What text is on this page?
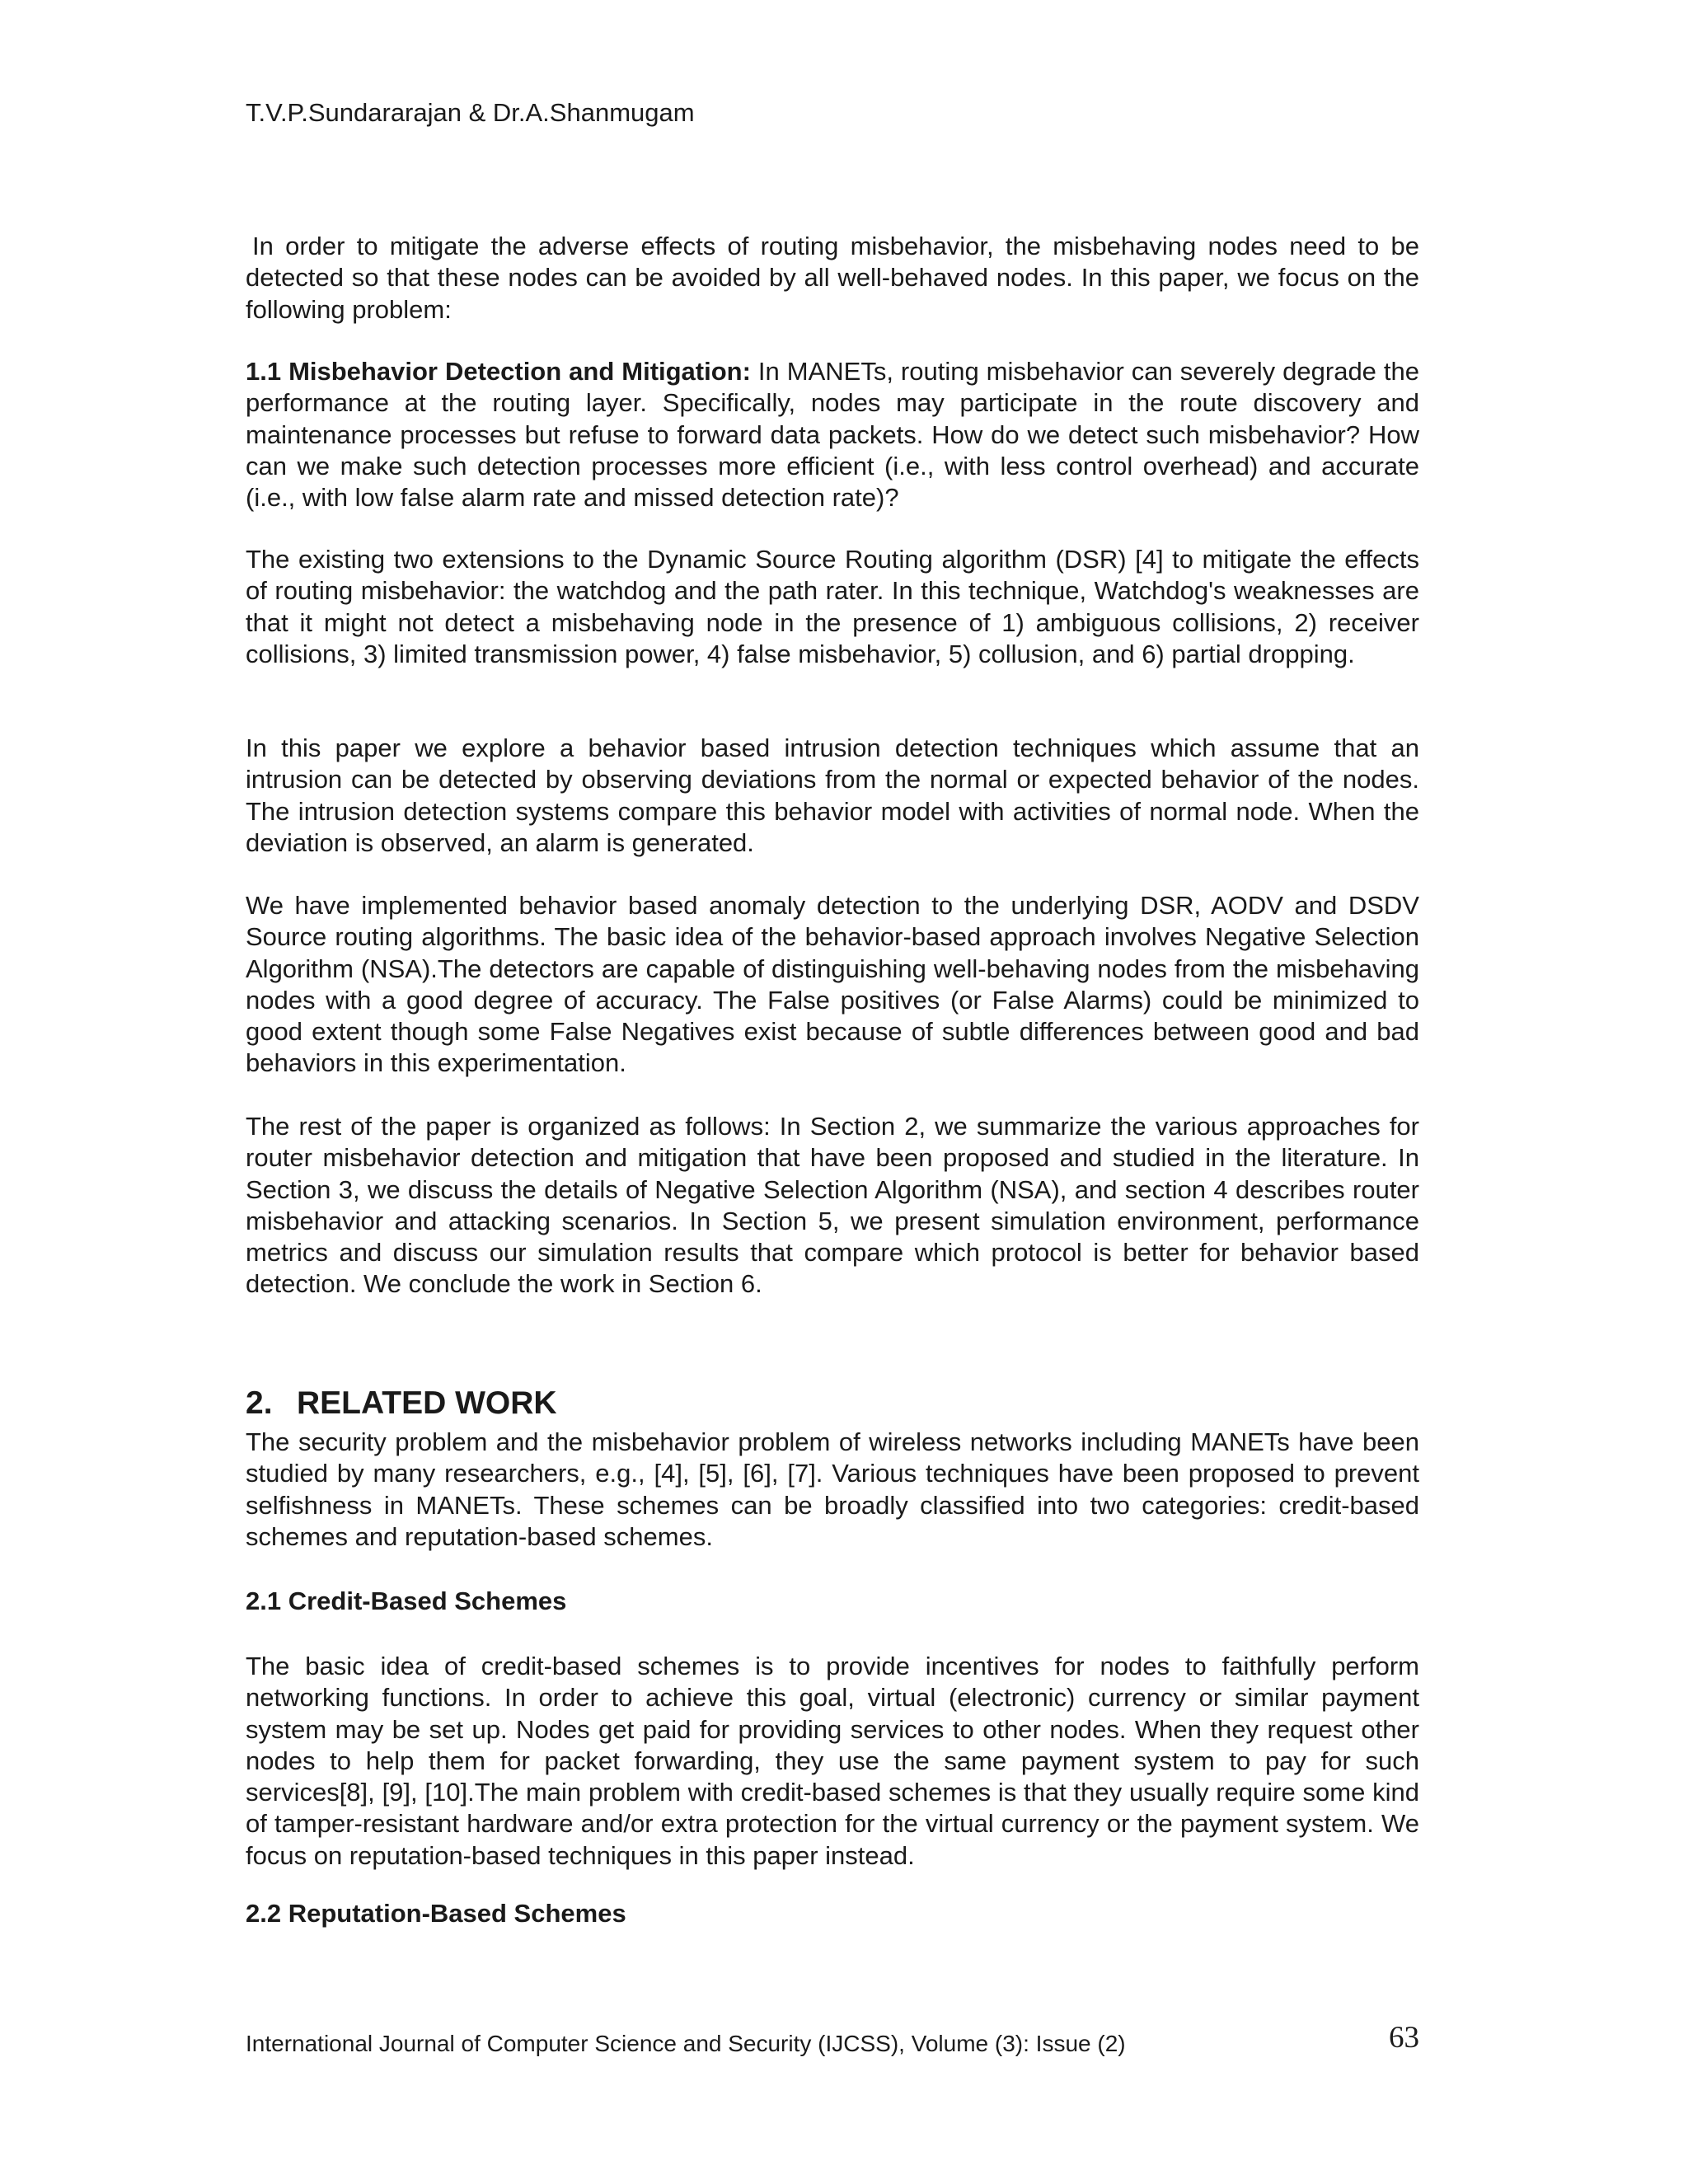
T.V.P.Sundararajan & Dr.A.Shanmugam

In order to mitigate the adverse effects of routing misbehavior, the misbehaving nodes need to be detected so that these nodes can be avoided by all well-behaved nodes. In this paper, we focus on the following problem:

1.1 Misbehavior Detection and Mitigation: In MANETs, routing misbehavior can severely degrade the performance at the routing layer. Specifically, nodes may participate in the route discovery and maintenance processes but refuse to forward data packets. How do we detect such misbehavior? How can we make such detection processes more efficient (i.e., with less control overhead) and accurate (i.e., with low false alarm rate and missed detection rate)?

The existing two extensions to the Dynamic Source Routing algorithm (DSR) [4] to mitigate the effects of routing misbehavior: the watchdog and the path rater. In this technique, Watchdog's weaknesses are that it might not detect a misbehaving node in the presence of 1) ambiguous collisions, 2) receiver collisions, 3) limited transmission power, 4) false misbehavior, 5) collusion, and 6) partial dropping.

In this paper we explore a behavior based intrusion detection techniques which assume that an intrusion can be detected by observing deviations from the normal or expected behavior of the nodes. The intrusion detection systems compare this behavior model with activities of normal node. When the deviation is observed, an alarm is generated.

We have implemented behavior based anomaly detection to the underlying DSR, AODV and DSDV Source routing algorithms. The basic idea of the behavior-based approach involves Negative Selection Algorithm (NSA).The detectors are capable of distinguishing well-behaving nodes from the misbehaving nodes with a good degree of accuracy. The False positives (or False Alarms) could be minimized to good extent though some False Negatives exist because of subtle differences between good and bad behaviors in this experimentation.

The rest of the paper is organized as follows: In Section 2, we summarize the various approaches for router misbehavior detection and mitigation that have been proposed and studied in the literature. In Section 3, we discuss the details of Negative Selection Algorithm (NSA), and section 4 describes router misbehavior and attacking scenarios. In Section 5, we present simulation environment, performance metrics and discuss our simulation results that compare which protocol is better for behavior based detection. We conclude the work in Section 6.

2. RELATED WORK

The security problem and the misbehavior problem of wireless networks including MANETs have been studied by many researchers, e.g., [4], [5], [6], [7]. Various techniques have been proposed to prevent selfishness in MANETs. These schemes can be broadly classified into two categories: credit-based schemes and reputation-based schemes.

2.1 Credit-Based Schemes

The basic idea of credit-based schemes is to provide incentives for nodes to faithfully perform networking functions. In order to achieve this goal, virtual (electronic) currency or similar payment system may be set up. Nodes get paid for providing services to other nodes. When they request other nodes to help them for packet forwarding, they use the same payment system to pay for such services[8], [9], [10].The main problem with credit-based schemes is that they usually require some kind of tamper-resistant hardware and/or extra protection for the virtual currency or the payment system. We focus on reputation-based techniques in this paper instead.

2.2 Reputation-Based Schemes
International Journal of Computer Science and Security (IJCSS), Volume (3): Issue (2)	63
